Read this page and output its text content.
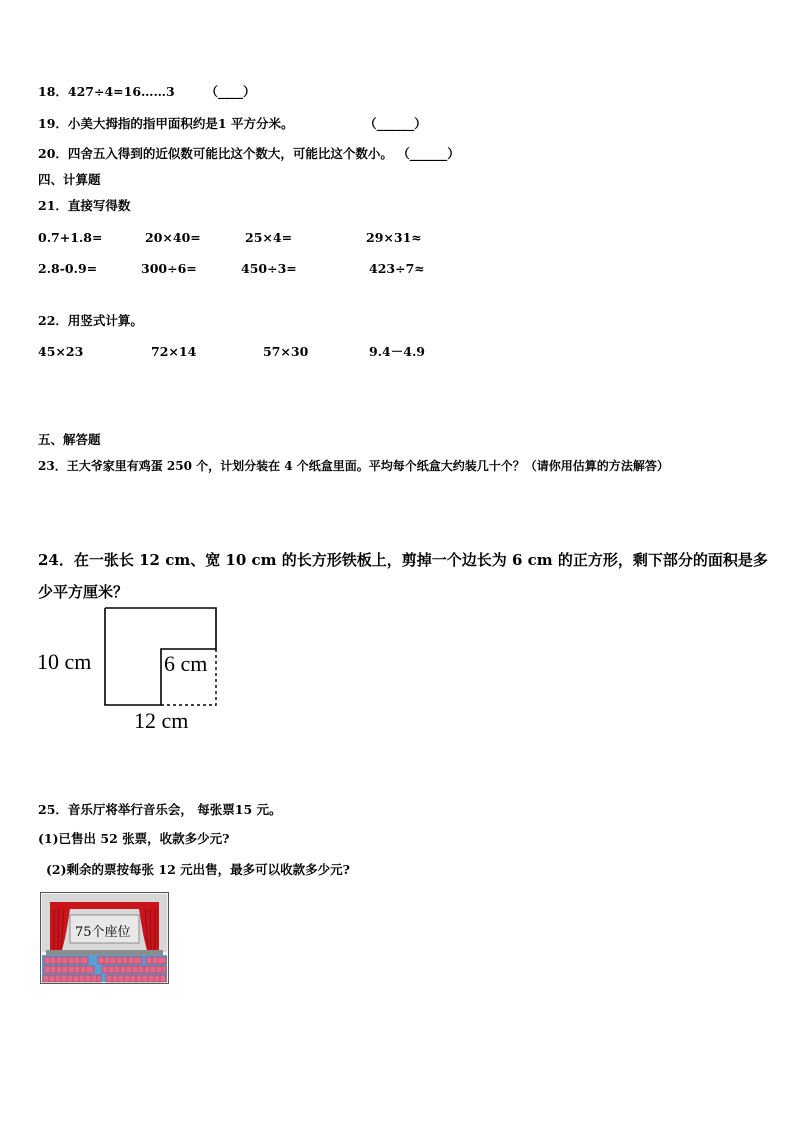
18．427÷4=16……3 （____）
19．小美大拇指的指甲面积约是1 平方分米。	（______）
20．四舍五入得到的近似数可能比这个数大，可能比这个数小。 （______）
四、计算题
21．直接写得数
0.7+1.8=	20×40=	25×4=	29×31≈
2.8-0.9=	300÷6=	450÷3=	423÷7≈
22．用竖式计算。
45×23	72×14	57×30	9.4－4.9
五、解答题
23．王大爷家里有鸡蛋 250 个，计划分装在 4 个纸盒里面。平均每个纸盒大约装几十个？（请你用估算的方法解答）
24．在一张长 12 cm、宽 10 cm 的长方形铁板上，剪掉一个边长为 6 cm 的正方形，剩下部分的面积是多
少平方厘米？
10 cm	6 cm
12 cm
25．音乐厅将举行音乐会， 每张票15 元。
(1)已售出 52 张票，收款多少元?
(2)剩余的票按每张 12 元出售，最多可以收款多少元?
75个座位
